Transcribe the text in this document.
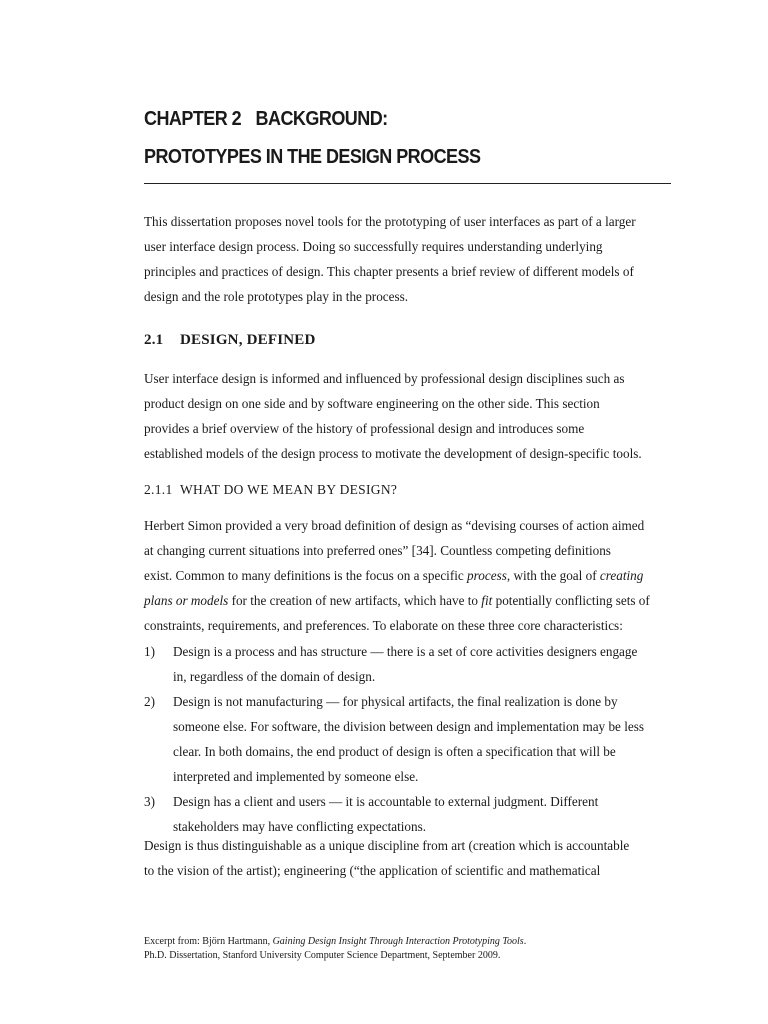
CHAPTER 2 BACKGROUND:
PROTOTYPES IN THE DESIGN PROCESS
This dissertation proposes novel tools for the prototyping of user interfaces as part of a larger
user interface design process. Doing so successfully requires understanding underlying
principles and practices of design. This chapter presents a brief review of different models of
design and the role prototypes play in the process.
2.1 DESIGN, DEFINED
User interface design is informed and influenced by professional design disciplines such as
product design on one side and by software engineering on the other side. This section
provides a brief overview of the history of professional design and introduces some
established models of the design process to motivate the development of design-specific tools.
2.1.1 WHAT DO WE MEAN BY DESIGN?
Herbert Simon provided a very broad definition of design as “devising courses of action aimed
at changing current situations into preferred ones” [34]. Countless competing definitions
exist. Common to many definitions is the focus on a specific process, with the goal of creating
plans or models for the creation of new artifacts, which have to fit potentially conflicting sets of
constraints, requirements, and preferences. To elaborate on these three core characteristics:
1) Design is a process and has structure — there is a set of core activities designers engage
in, regardless of the domain of design.
2) Design is not manufacturing — for physical artifacts, the final realization is done by
someone else. For software, the division between design and implementation may be less
clear. In both domains, the end product of design is often a specification that will be
interpreted and implemented by someone else.
3) Design has a client and users — it is accountable to external judgment. Different
stakeholders may have conflicting expectations.
Design is thus distinguishable as a unique discipline from art (creation which is accountable
to the vision of the artist); engineering (“the application of scientific and mathematical
Excerpt from: Björn Hartmann, Gaining Design Insight Through Interaction Prototyping Tools.
Ph.D. Dissertation, Stanford University Computer Science Department, September 2009.
